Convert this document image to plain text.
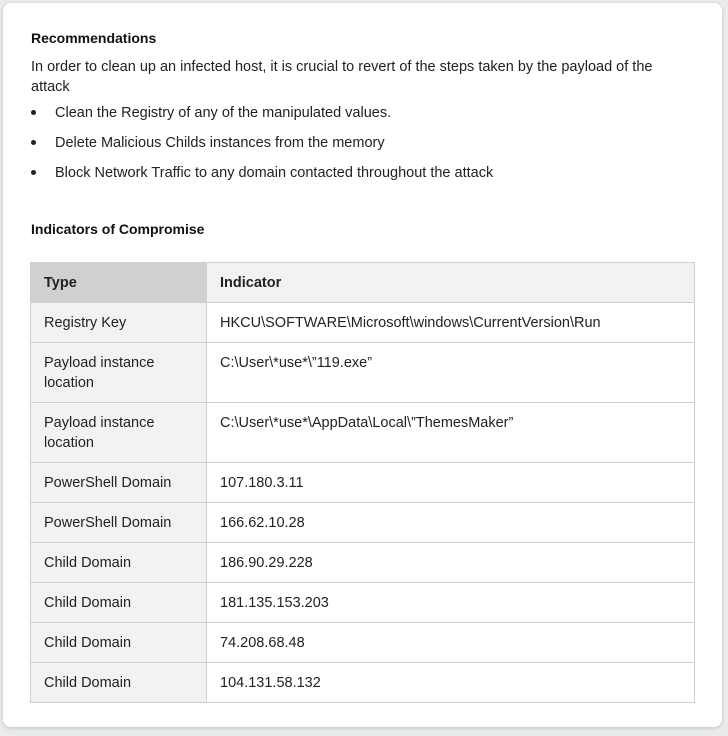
Recommendations
In order to clean up an infected host, it is crucial to revert of the steps taken by the payload of the attack
Clean the Registry of any of the manipulated values.
Delete Malicious Childs instances from the memory
Block Network Traffic to any domain contacted throughout the attack
Indicators of Compromise
Type	Indicator
Registry Key	HKCU\SOFTWARE\Microsoft\windows\CurrentVersion\Run
Payload instance location	C:\User\*use*\”119.exe”
Payload instance location	C:\User\*use*\AppData\Local\”ThemesMaker”
PowerShell Domain	107.180.3.11
PowerShell Domain	166.62.10.28
Child Domain	186.90.29.228
Child Domain	181.135.153.203
Child Domain	74.208.68.48
Child Domain	104.131.58.132
